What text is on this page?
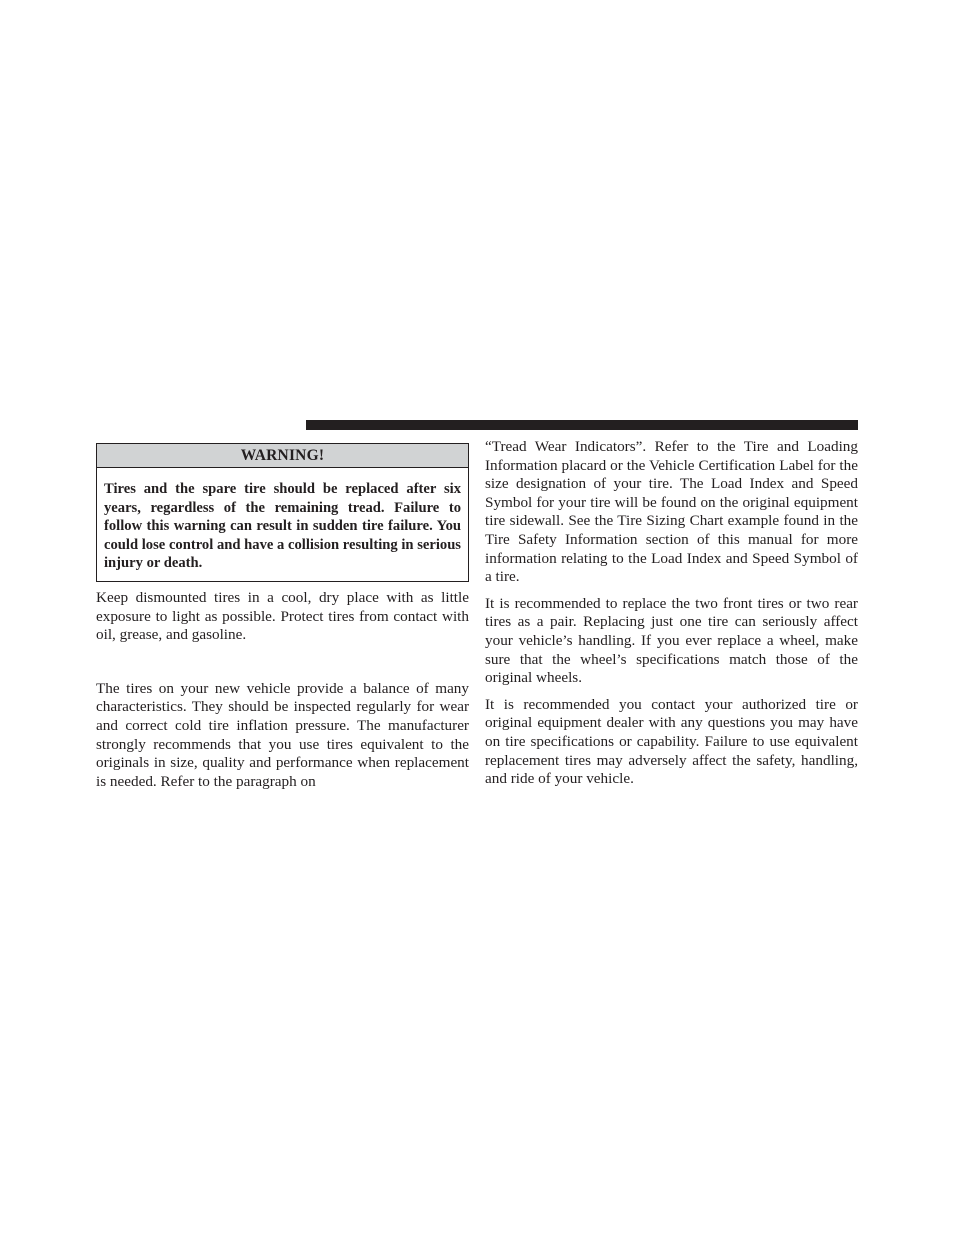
WARNING!
Tires and the spare tire should be replaced after six years, regardless of the remaining tread. Failure to follow this warning can result in sudden tire failure. You could lose control and have a collision resulting in serious injury or death.

Keep dismounted tires in a cool, dry place with as little exposure to light as possible. Protect tires from contact with oil, grease, and gasoline.

The tires on your new vehicle provide a balance of many characteristics. They should be inspected regularly for wear and correct cold tire inflation pressure. The manufacturer strongly recommends that you use tires equivalent to the originals in size, quality and performance when replacement is needed. Refer to the paragraph on

“Tread Wear Indicators”. Refer to the Tire and Loading Information placard or the Vehicle Certification Label for the size designation of your tire. The Load Index and Speed Symbol for your tire will be found on the original equipment tire sidewall. See the Tire Sizing Chart example found in the Tire Safety Information section of this manual for more information relating to the Load Index and Speed Symbol of a tire.

It is recommended to replace the two front tires or two rear tires as a pair. Replacing just one tire can seriously affect your vehicle’s handling. If you ever replace a wheel, make sure that the wheel’s specifications match those of the original wheels.

It is recommended you contact your authorized tire or original equipment dealer with any questions you may have on tire specifications or capability. Failure to use equivalent replacement tires may adversely affect the safety, handling, and ride of your vehicle.
